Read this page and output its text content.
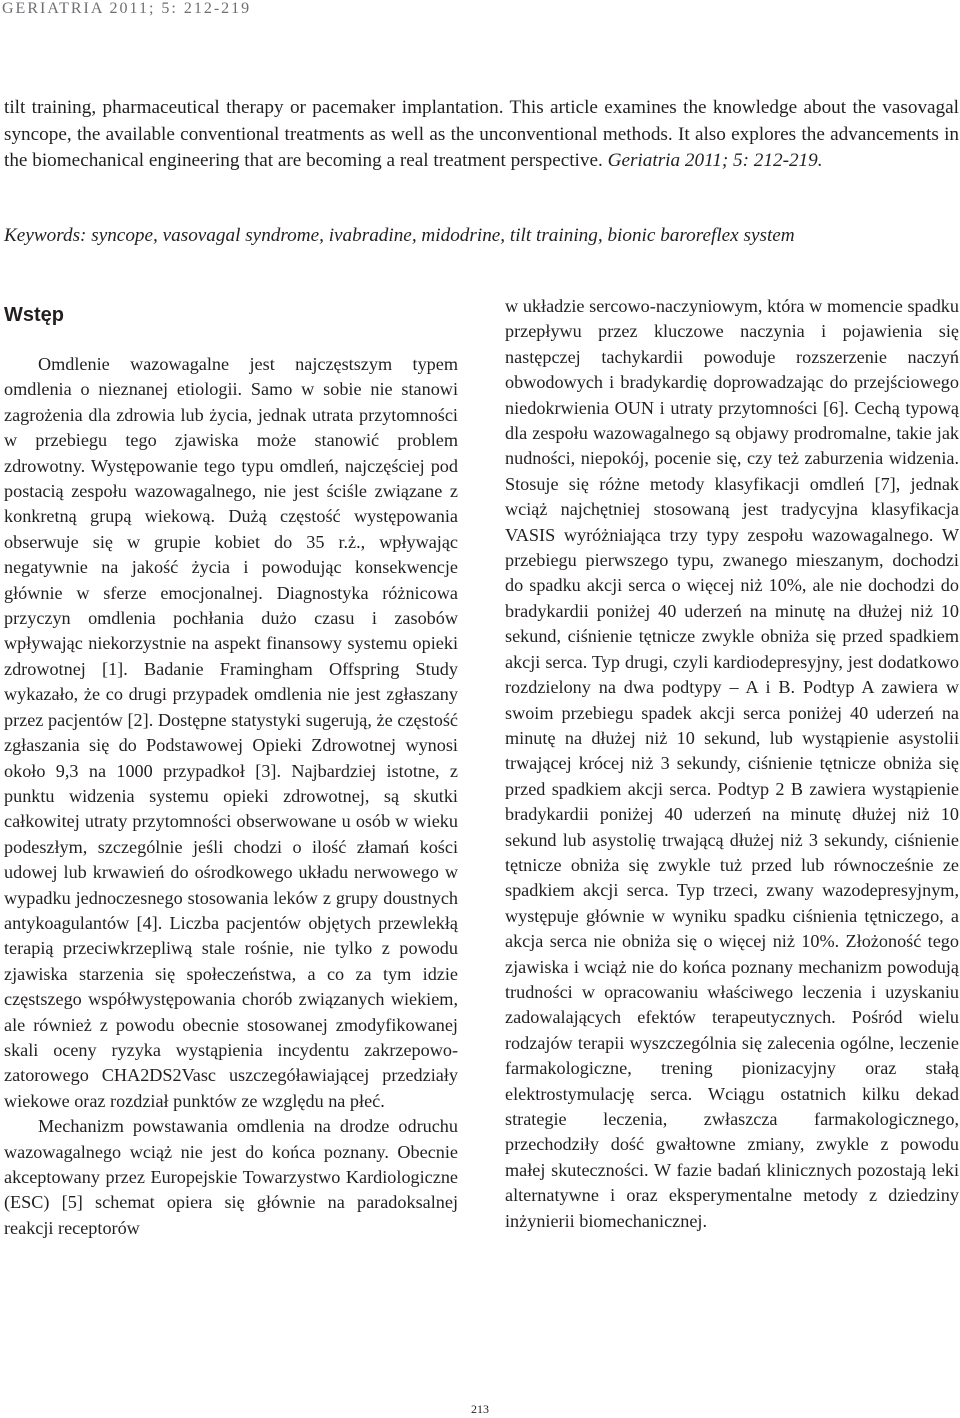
GERIATRIA 2011; 5: 212-219

tilt training, pharmaceutical therapy or pacemaker implantation. This article examines the knowledge about the vasovagal syncope, the available conventional treatments as well as the unconventional methods. It also explores the advancements in the biomechanical engineering that are becoming a real treatment perspective. Geriatria 2011; 5: 212-219.

Keywords: syncope, vasovagal syndrome, ivabradine, midodrine, tilt training, bionic baroreflex system

Wstęp

Omdlenie wazowagalne jest najczęstszym typem omdlenia o nieznanej etiologii. Samo w sobie nie stanowi zagrożenia dla zdrowia lub życia, jednak utrata przytomności w przebiegu tego zjawiska może stanowić problem zdrowotny. Występowanie tego typu omdleń, najczęściej pod postacią zespołu wazowagalnego, nie jest ściśle związane z konkretną grupą wiekową. Dużą częstość występowania obserwuje się w grupie kobiet do 35 r.ż., wpływając negatywnie na jakość życia i powodując konsekwencje głównie w sferze emocjonalnej. Diagnostyka różnicowa przyczyn omdlenia pochłania dużo czasu i zasobów wpływając niekorzystnie na aspekt finansowy systemu opieki zdrowotnej [1]. Badanie Framingham Offspring Study wykazało, że co drugi przypadek omdlenia nie jest zgłaszany przez pacjentów [2]. Dostępne statystyki sugerują, że częstość zgłaszania się do Podstawowej Opieki Zdrowotnej wynosi około 9,3 na 1000 przypadkoł [3]. Najbardziej istotne, z punktu widzenia systemu opieki zdrowotnej, są skutki całkowitej utraty przytomności obserwowane u osób w wieku podeszłym, szczególnie jeśli chodzi o ilość złamań kości udowej lub krwawień do ośrodkowego układu nerwowego w wypadku jednoczesnego stosowania leków z grupy doustnych antykoagulantów [4]. Liczba pacjentów objętych przewlekłą terapią przeciwkrzepliwą stale rośnie, nie tylko z powodu zjawiska starzenia się społeczeństwa, a co za tym idzie częstszego współwystępowania chorób związanych wiekiem, ale również z powodu obecnie stosowanej zmodyfikowanej skali oceny ryzyka wystąpienia incydentu zakrzepowo-zatorowego CHA2DS2Vasc uszczegóławiającej przedziały wiekowe oraz rozdział punktów ze względu na płeć.

Mechanizm powstawania omdlenia na drodze odruchu wazowagalnego wciąż nie jest do końca poznany. Obecnie akceptowany przez Europejskie Towarzystwo Kardiologiczne (ESC) [5] schemat opiera się głównie na paradoksalnej reakcji receptorów

w układzie sercowo-naczyniowym, która w momencie spadku przepływu przez kluczowe naczynia i pojawienia się następczej tachykardii powoduje rozszerzenie naczyń obwodowych i bradykardię doprowadzając do przejściowego niedokrwienia OUN i utraty przytomności [6]. Cechą typową dla zespołu wazowagalnego są objawy prodromalne, takie jak nudności, niepokój, pocenie się, czy też zaburzenia widzenia. Stosuje się różne metody klasyfikacji omdleń [7], jednak wciąż najchętniej stosowaną jest tradycyjna klasyfikacja VASIS wyróżniająca trzy typy zespołu wazowagalnego. W przebiegu pierwszego typu, zwanego mieszanym, dochodzi do spadku akcji serca o więcej niż 10%, ale nie dochodzi do bradykardii poniżej 40 uderzeń na minutę na dłużej niż 10 sekund, ciśnienie tętnicze zwykle obniża się przed spadkiem akcji serca. Typ drugi, czyli kardiodepresyjny, jest dodatkowo rozdzielony na dwa podtypy – A i B. Podtyp A zawiera w swoim przebiegu spadek akcji serca poniżej 40 uderzeń na minutę na dłużej niż 10 sekund, lub wystąpienie asystolii trwającej krócej niż 3 sekundy, ciśnienie tętnicze obniża się przed spadkiem akcji serca. Podtyp 2 B zawiera wystąpienie bradykardii poniżej 40 uderzeń na minutę dłużej niż 10 sekund lub asystolię trwającą dłużej niż 3 sekundy, ciśnienie tętnicze obniża się zwykle tuż przed lub równocześnie ze spadkiem akcji serca. Typ trzeci, zwany wazodepresyjnym, występuje głównie w wyniku spadku ciśnienia tętniczego, a akcja serca nie obniża się o więcej niż 10%. Złożoność tego zjawiska i wciąż nie do końca poznany mechanizm powodują trudności w opracowaniu właściwego leczenia i uzyskaniu zadowalających efektów terapeutycznych. Pośród wielu rodzajów terapii wyszczególnia się zalecenia ogólne, leczenie farmakologiczne, trening pionizacyjny oraz stałą elektrostymulację serca. Wciągu ostatnich kilku dekad strategie leczenia, zwłaszcza farmakologicznego, przechodziły dość gwałtowne zmiany, zwykle z powodu małej skuteczności. W fazie badań klinicznych pozostają leki alternatywne i oraz eksperymentalne metody z dziedziny inżynierii biomechanicznej.

213
